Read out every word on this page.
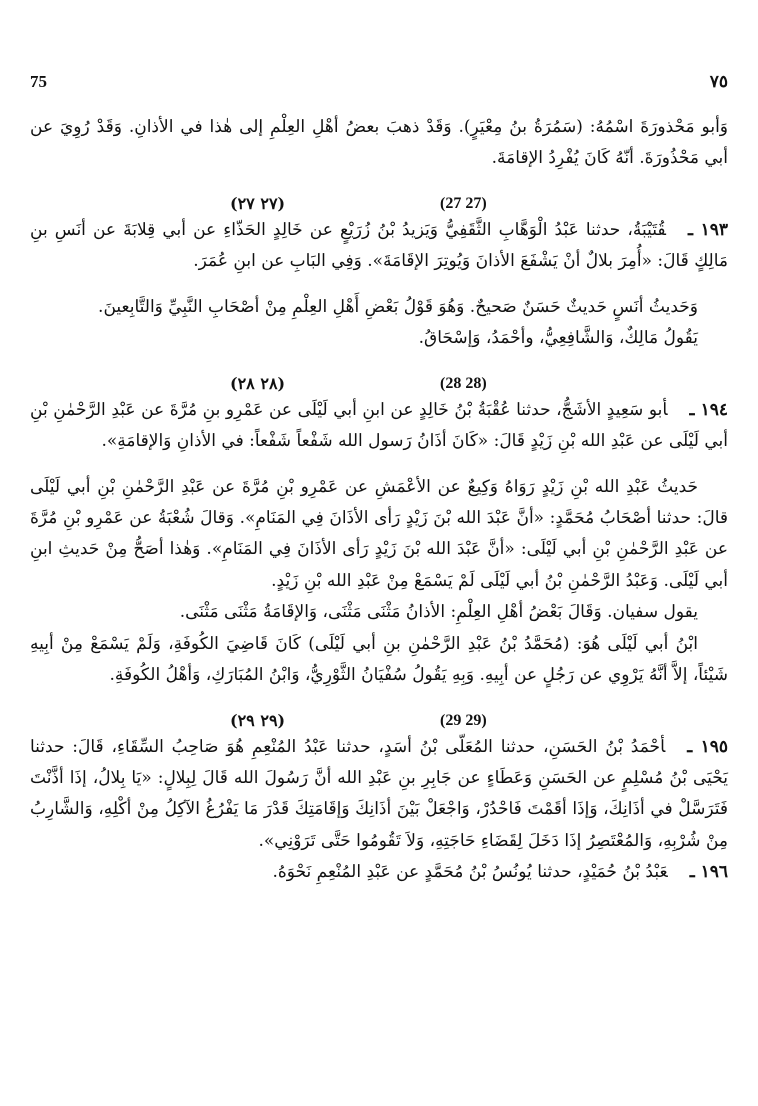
75	٧٥

وَأبو مَحْذورَةَ اسْمُهُ: (سَمُرَةُ بنُ مِعْيَرٍ). وَقَدْ ذهبَ بعضُ أهْلِ العِلْمِ إلى هٰذا في الأذانِ. وَقَدْ رُوِيَ عن أبي مَحْذُورَةَ. أنّهُ كَانَ يُفْرِدُ الإقامَةَ.

(27 27)
(٢٧ ٢٧)

١٩٣ ـقُتَيْبَةُ، حدثنا عَبْدُ الْوَهَّابِ الثَّقَفِيُّ وَيَزيدُ بْنُ زُرَيْعٍ عن خَالِدٍ الحَذّاءِ عن أبي قِلابَةَ عن أنَسِ بنِ مَالِكٍ قَالَ: «أُمِرَ بلالٌ أنْ يَشْفَعَ الأذانَ وَيُوتِرَ الإقَامَةَ». وَفِي البَابِ عن ابنِ عُمَرَ.

وَحَديثُ أنَسٍ حَديثٌ حَسَنٌ صَحيحٌ. وَهُوَ قَوْلُ بَعْضِ أَهْلِ العِلْمِ مِنْ أصْحَابِ النَّبِيِّ وَالتَّابِعينَ.

يَقُولُ مَالِكٌ، وَالشَّافِعِيُّ، وأحْمَدُ، وَإسْحَاقُ.

(28 28)
(٢٨ ٢٨)

١٩٤ ـأبو سَعِيدٍ الأشَجُّ، حدثنا عُقْبَةُ بْنُ خَالِدٍ عن ابنِ أبي لَيْلَى عن عَمْرِو بنِ مُرَّةَ عن عَبْدِ الرَّحْمٰنِ بْنِ أبي لَيْلَى عن عَبْدِ الله بْنِ زَيْدٍ قَالَ: «كَانَ أذَانُ رَسول الله شَفْعاً شَفْعاً: في الأذانِ وَالإقامَةِ».

حَديثُ عَبْدِ الله بْنِ زَيْدٍ رَوَاهُ وَكِيعٌ عن الأعْمَشِ عن عَمْرِو بْنِ مُرَّةَ عن عَبْدِ الرَّحْمٰنِ بْنِ أبي لَيْلَى قالَ: حدثنا أصْحَابُ مُحَمَّدٍ: «أنَّ عَبْدَ الله بْنَ زَيْدٍ رَأى الأذَانَ فِي المَنَامِ». وَقالَ شُعْبَةُ عن عَمْرِو بْنِ مُرَّةَ عن عَبْدِ الرَّحْمٰنِ بْنِ أبي لَيْلَى: «أنَّ عَبْدَ الله بْنَ زَيْدٍ رَأى الأذَانَ فِي المَنَامِ». وَهٰذا أصَحُّ مِنْ حَديثِ ابنِ أبي لَيْلَى. وَعَبْدُ الرَّحْمٰنِ بْنُ أبي لَيْلَى لَمْ يَسْمَعْ مِنْ عَبْدِ الله بْنِ زَيْدٍ.

يقول سفيان. وَقَالَ بَعْضُ أهْلِ العِلْمِ: الأذانُ مَثْنَى مَثْنَى، وَالإقَامَةُ مَثْنَى مَثْنَى.

ابْنُ أبي لَيْلَى هُوَ: (مُحَمَّدُ بْنُ عَبْدِ الرَّحْمٰنِ بنِ أبي لَيْلَى) كَانَ قَاضِيَ الكُوفَةِ، وَلَمْ يَسْمَعْ مِنْ أبِيهِ شَيْئاً، إلاَّ أنَّهُ يَرْوِي عن رَجُلٍ عن أبِيهِ. وَبِهِ يَقُولُ سُفْيَانُ الثَّوْرِيُّ، وَابْنُ المُبَارَكِ، وَأهْلُ الكُوفَةِ.

(29 29)
(٢٩ ٢٩)

١٩٥ ـأحْمَدُ بْنُ الحَسَنِ، حدثنا المُعَلّى بْنُ أسَدٍ، حدثنا عَبْدُ المُنْعِمِ هُوَ صَاحِبُ السِّقَاءِ، قَالَ: حدثنا يَحْيَى بْنُ مُسْلِمٍ عن الحَسَنِ وَعَطَاءٍ عن جَابِرِ بنِ عَبْدِ الله أنَّ رَسُولَ الله قَالَ لِبِلالٍ: «يَا بِلالُ، إذَا أذَّنْتَ فَتَرَسَّلْ في أذَانِكَ، وَإذَا أقَمْتَ فَاحْدُرْ، وَاجْعَلْ بَيْنَ أذَانِكَ وَإقَامَتِكَ قَدْرَ مَا يَفْرُغُ الآكِلُ مِنْ أكْلِهِ، وَالشَّارِبُ مِنْ شُرْبِهِ، وَالمُعْتَصِرُ إذَا دَخَلَ لِقَضَاءِ حَاجَتِهِ، وَلاَ تَقُومُوا حَتَّى تَرَوْنِي».

١٩٦ ـعَبْدُ بْنُ حُمَيْدٍ، حدثنا يُونُسُ بْنُ مُحَمَّدٍ عن عَبْدِ المُنْعِمِ نَحْوَهُ.
